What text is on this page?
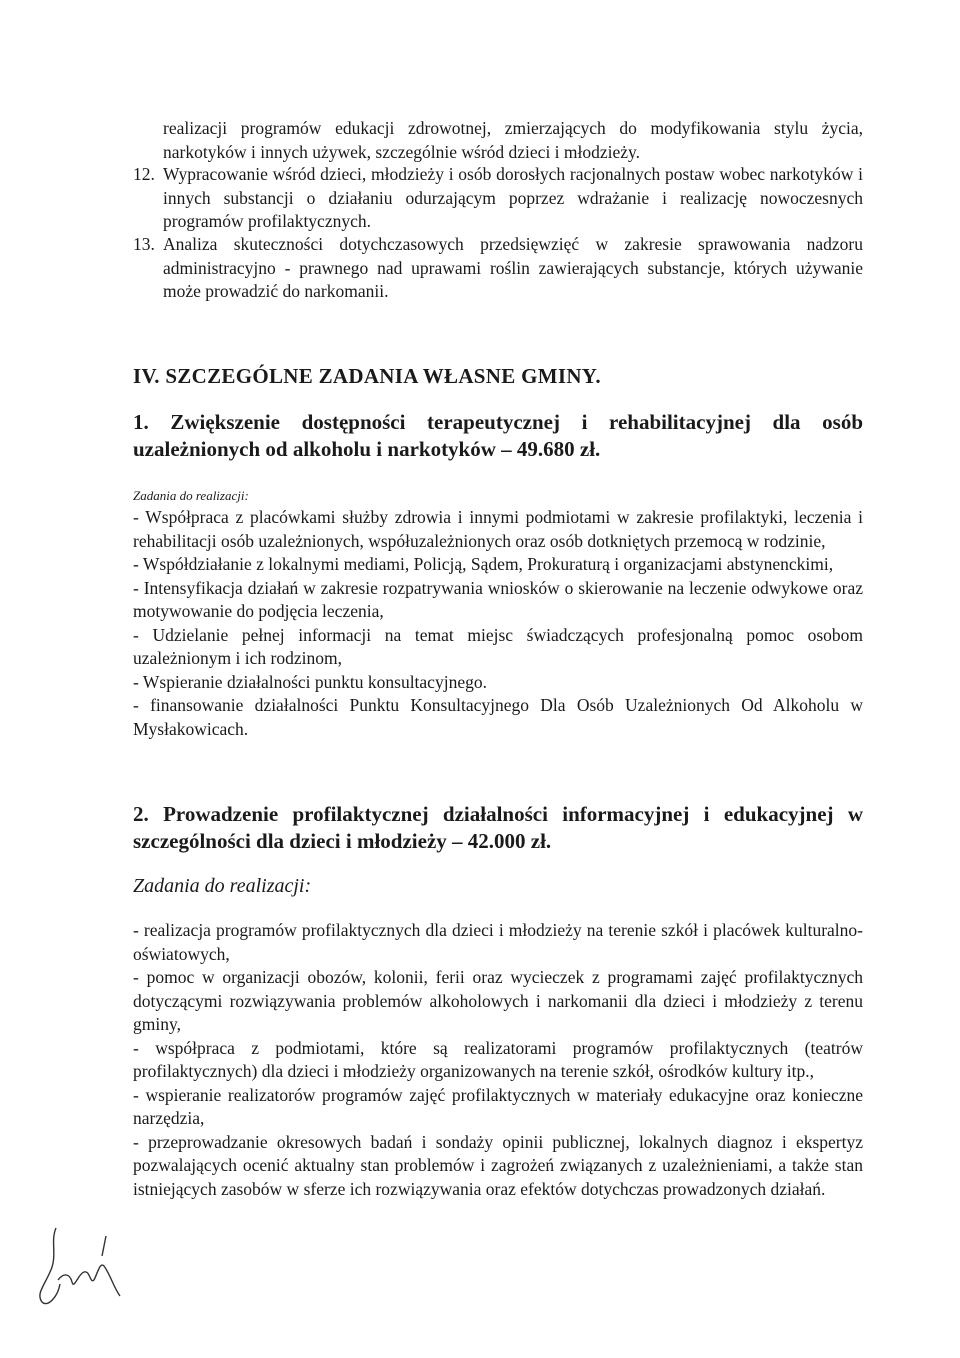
realizacji programów edukacji zdrowotnej, zmierzających do modyfikowania stylu życia, narkotyków i innych używek, szczególnie wśród dzieci i młodzieży.

12. Wypracowanie wśród dzieci, młodzieży i osób dorosłych racjonalnych postaw wobec narkotyków i innych substancji o działaniu odurzającym poprzez wdrażanie i realizację nowoczesnych programów profilaktycznych.

13. Analiza skuteczności dotychczasowych przedsięwzięć w zakresie sprawowania nadzoru administracyjno - prawnego nad uprawami roślin zawierających substancje, których używanie może prowadzić do narkomanii.

IV. SZCZEGÓLNE ZADANIA WŁASNE GMINY.
1. Zwiększenie dostępności terapeutycznej i rehabilitacyjnej dla osób uzależnionych od alkoholu i narkotyków – 49.680 zł.
Zadania do realizacji:
- Współpraca z placówkami służby zdrowia i innymi podmiotami w zakresie profilaktyki, leczenia i rehabilitacji osób uzależnionych, współuzależnionych oraz osób dotkniętych przemocą w rodzinie,
- Współdziałanie z lokalnymi mediami, Policją, Sądem, Prokuraturą i organizacjami abstynenckimi,
- Intensyfikacja działań w zakresie rozpatrywania wniosków o skierowanie na leczenie odwykowe oraz motywowanie do podjęcia leczenia,
- Udzielanie pełnej informacji na temat miejsc świadczących profesjonalną pomoc osobom uzależnionym i ich rodzinom,
- Wspieranie działalności punktu konsultacyjnego.
- finansowanie działalności Punktu Konsultacyjnego Dla Osób Uzależnionych Od Alkoholu w Mysłakowicach.
2. Prowadzenie profilaktycznej działalności informacyjnej i edukacyjnej w szczególności dla dzieci i młodzieży – 42.000 zł.
Zadania do realizacji:
- realizacja programów profilaktycznych dla dzieci i młodzieży na terenie szkół i placówek kulturalno-oświatowych,
- pomoc w organizacji obozów, kolonii, ferii oraz wycieczek z programami zajęć profilaktycznych dotyczącymi rozwiązywania problemów alkoholowych i narkomanii dla dzieci i młodzieży z terenu gminy,
- współpraca z podmiotami, które są realizatorami programów profilaktycznych (teatrów profilaktycznych) dla dzieci i młodzieży organizowanych na terenie szkół, ośrodków kultury itp.,
- wspieranie realizatorów programów zajęć profilaktycznych w materiały edukacyjne oraz konieczne narzędzia,
- przeprowadzanie okresowych badań i sondaży opinii publicznej, lokalnych diagnoz i ekspertyz pozwalających ocenić aktualny stan problemów i zagrożeń związanych z uzależnieniami, a także stan istniejących zasobów w sferze ich rozwiązywania oraz efektów dotychczas prowadzonych działań.
